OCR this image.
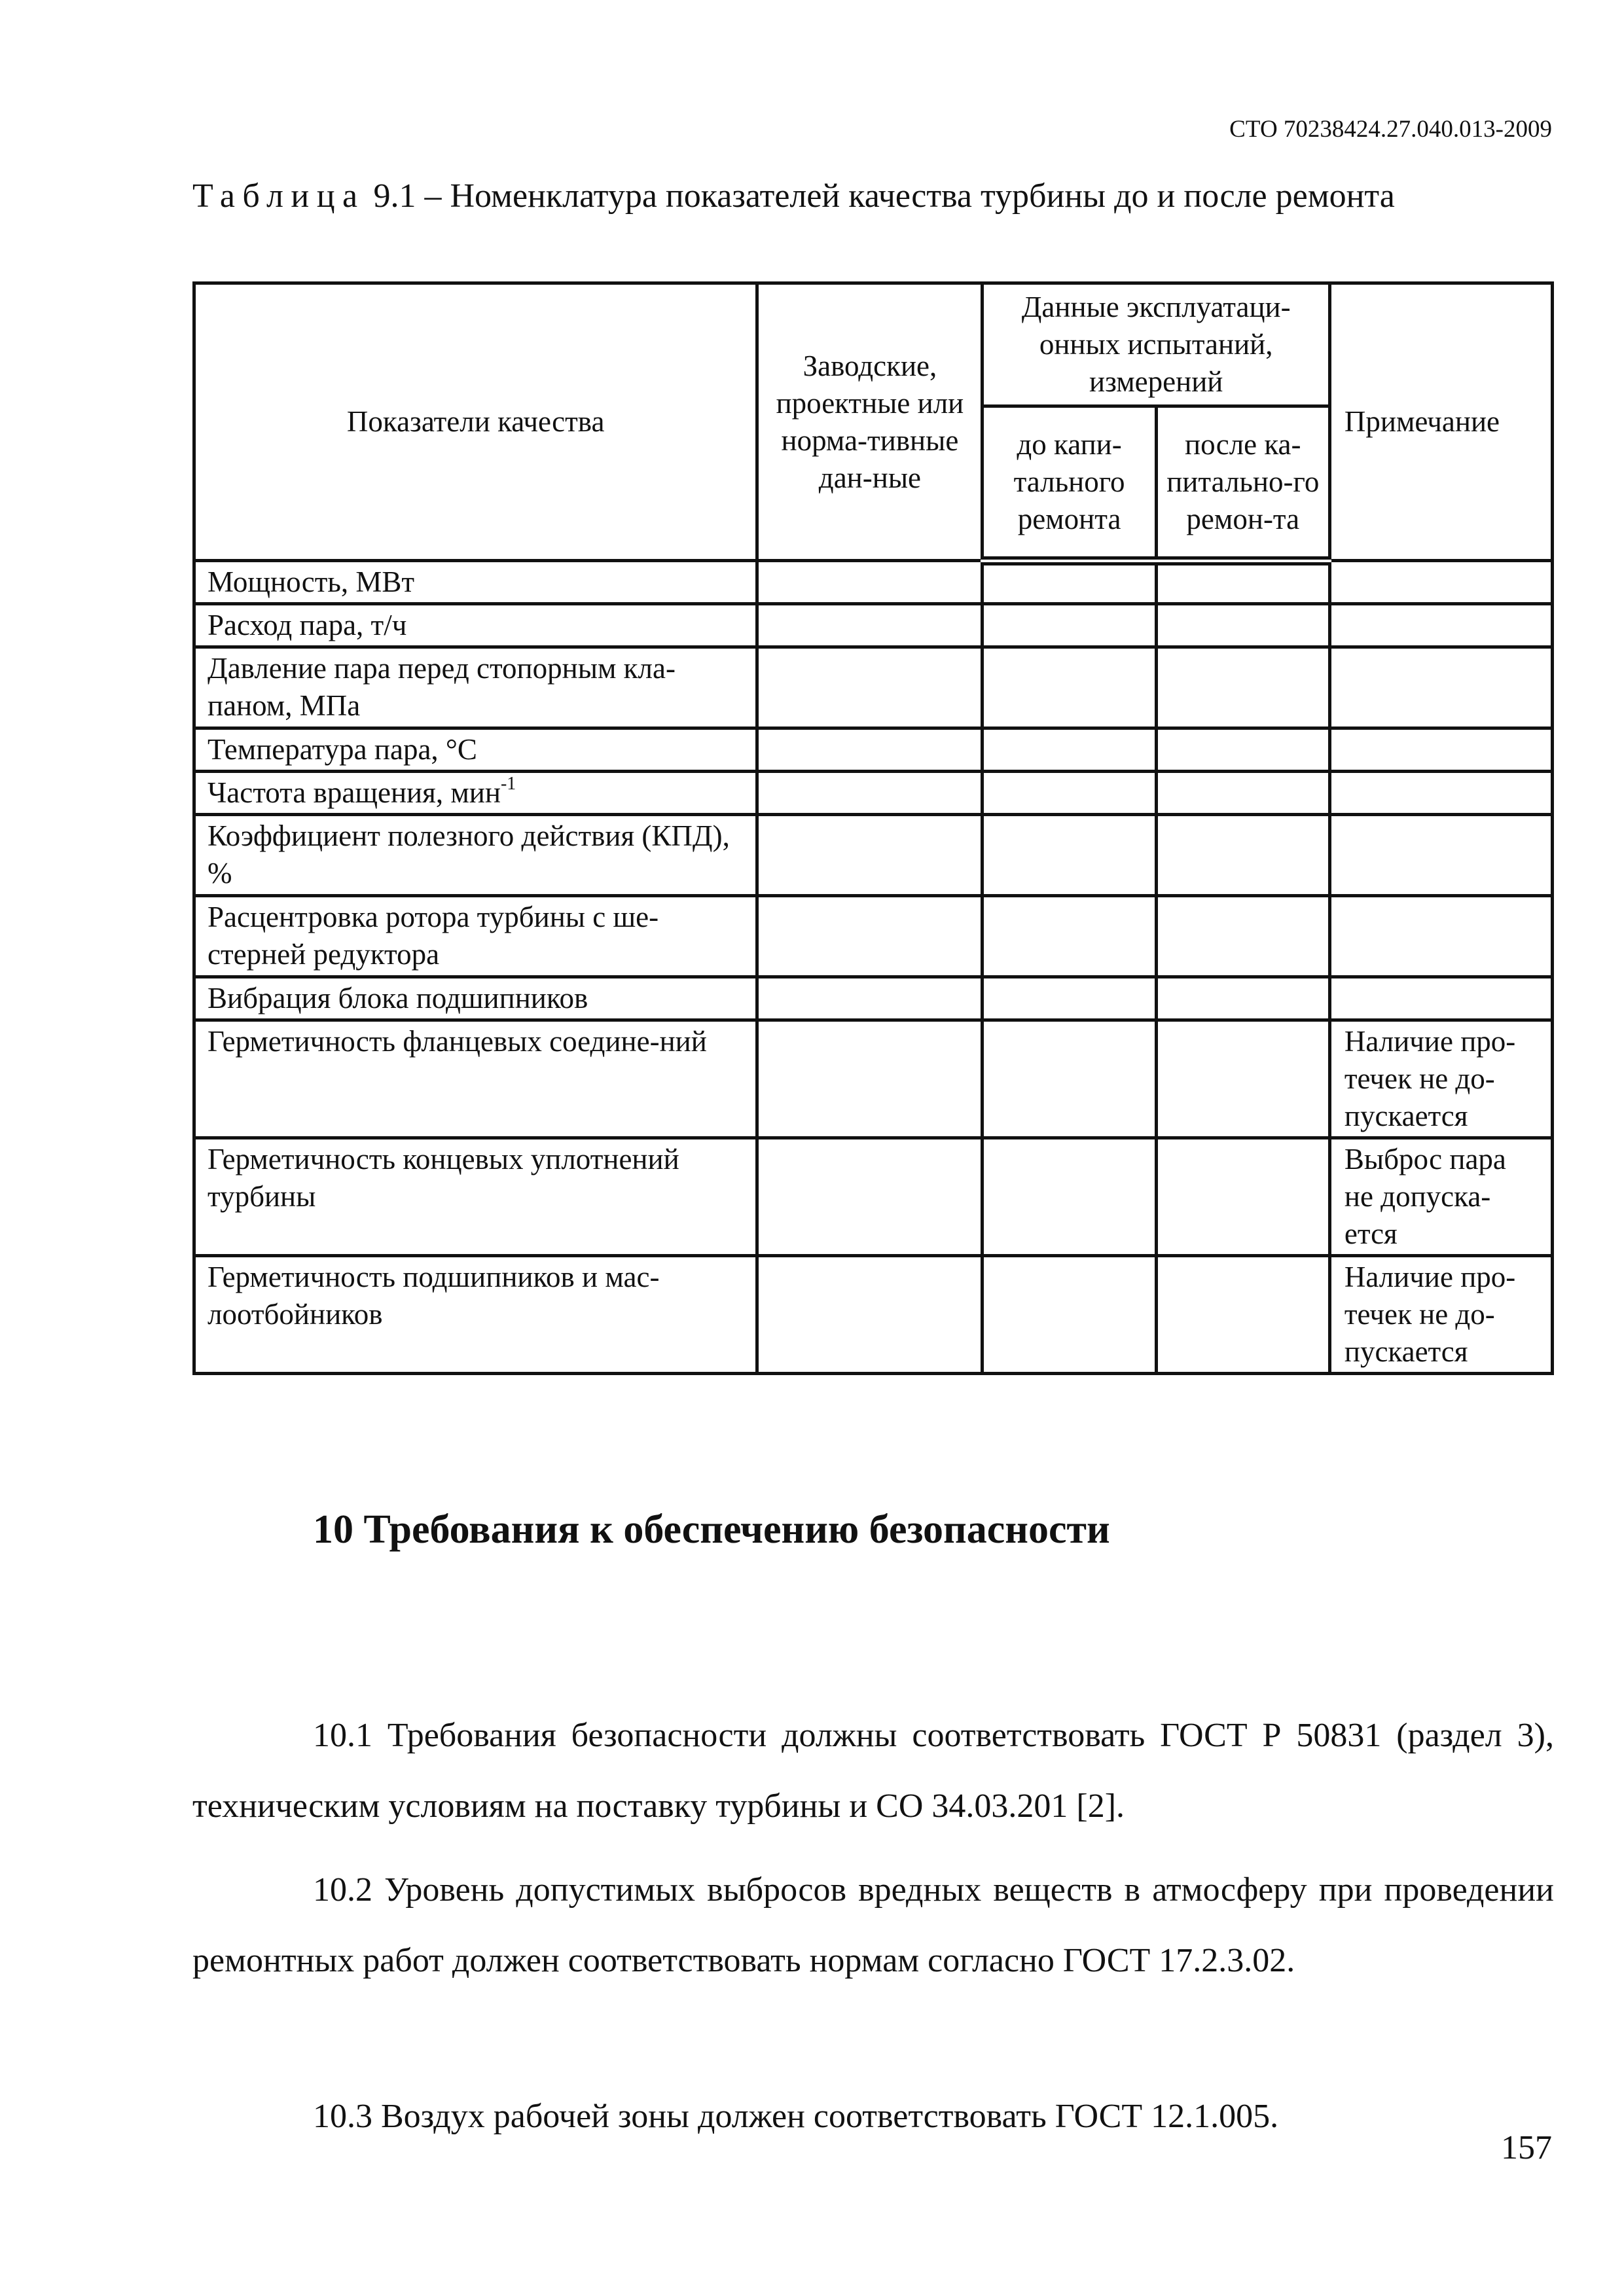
СТО 70238424.27.040.013-2009
Таблица 9.1 – Номенклатура показателей качества турбины до и после ремонта
Показатели качества	Заводские, проектные или норма-тивные дан-ные	Данные эксплуатаци-онных испытаний, измерений		Примечание
		до капи-тального ремонта	после ка-питально-го ремон-та	
Мощность, МВт				
Расход пара, т/ч				
Давление пара перед стопорным кла-паном, МПа				
Температура пара, °С				
Частота вращения, мин$^{-1}$				
Коэффициент полезного действия (КПД), %				
Расцентровка ротора турбины с ше-стерней редуктора				
Вибрация блока подшипников				
Герметичность фланцевых соедине-ний				Наличие про-течек не до-пускается
Герметичность концевых уплотнений турбины				Выброс пара не допуска-ется
Герметичность подшипников и мас-лоотбойников				Наличие про-течек не до-пускается
10 Требования к обеспечению безопасности

10.1 Требования безопасности должны соответствовать ГОСТ Р 50831 (раздел 3), техническим условиям на поставку турбины и СО 34.03.201 [2].

10.2 Уровень допустимых выбросов вредных веществ в атмосферу при проведении ремонтных работ должен соответствовать нормам согласно ГОСТ 17.2.3.02.

10.3 Воздух рабочей зоны должен соответствовать ГОСТ 12.1.005.

157
